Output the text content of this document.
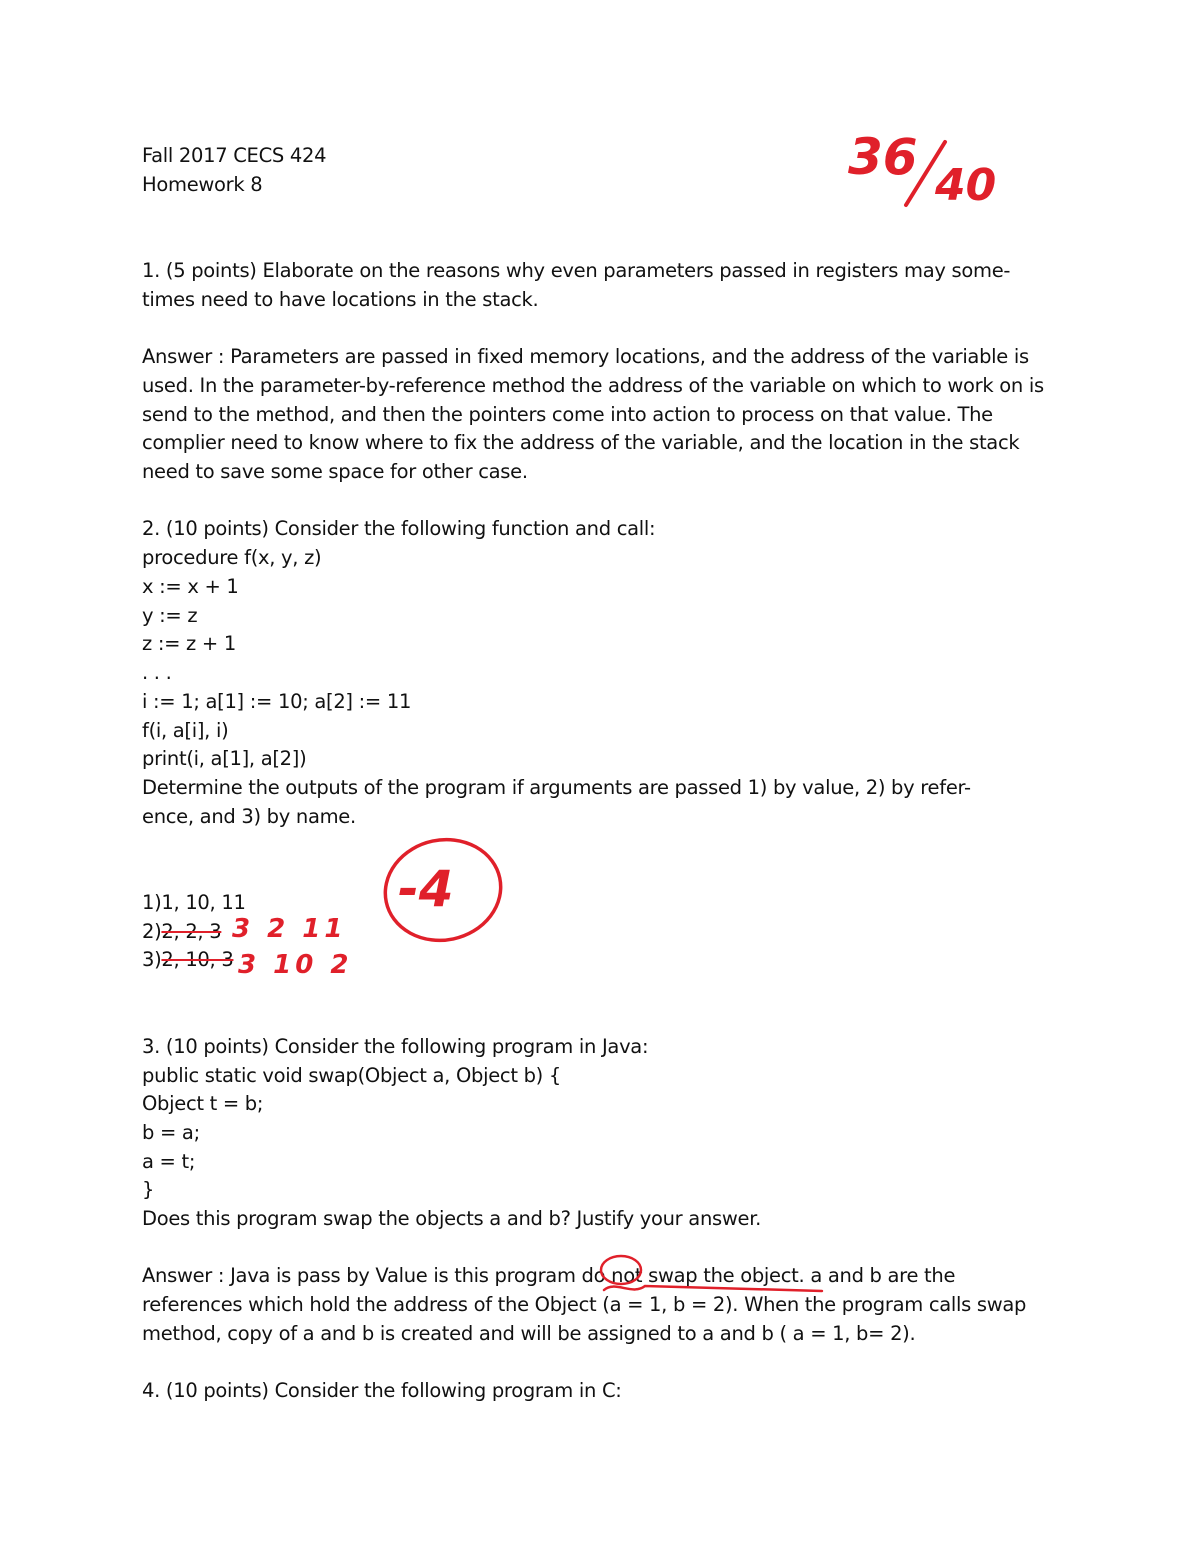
Fall 2017 CECS 424

Homework 8

1. (5 points) Elaborate on the reasons why even parameters passed in registers may some-

times need to have locations in the stack.

Answer : Parameters are passed in fixed memory locations, and the address of the variable is

used. In the parameter-by-reference method the address of the variable on which to work on is

send to the method, and then the pointers come into action to process on that value. The

complier need to know where to fix the address of the variable, and the location in the stack

need to save some space for other case.

2. (10 points) Consider the following function and call:

procedure f(x, y, z)

x := x + 1

y := z

z := z + 1

. . .

i := 1; a[1] := 10; a[2] := 11

f(i, a[i], i)

print(i, a[1], a[2])

Determine the outputs of the program if arguments are passed 1) by value, 2) by refer-

ence, and 3) by name.

1)1, 10, 11

2)2, 2, 3

3)2, 10, 3

3. (10 points) Consider the following program in Java:

public static void swap(Object a, Object b) {

Object t = b;

b = a;

a = t;

}

Does this program swap the objects a and b? Justify your answer.

Answer : Java is pass by Value is this program do not swap the object. a and b are the

references which hold the address of the Object (a = 1, b = 2). When the program calls swap

method, copy of a and b is created and will be assigned to a and b ( a = 1, b= 2).

4. (10 points) Consider the following program in C:

36 40
-4
3 2 11
3 10 2
